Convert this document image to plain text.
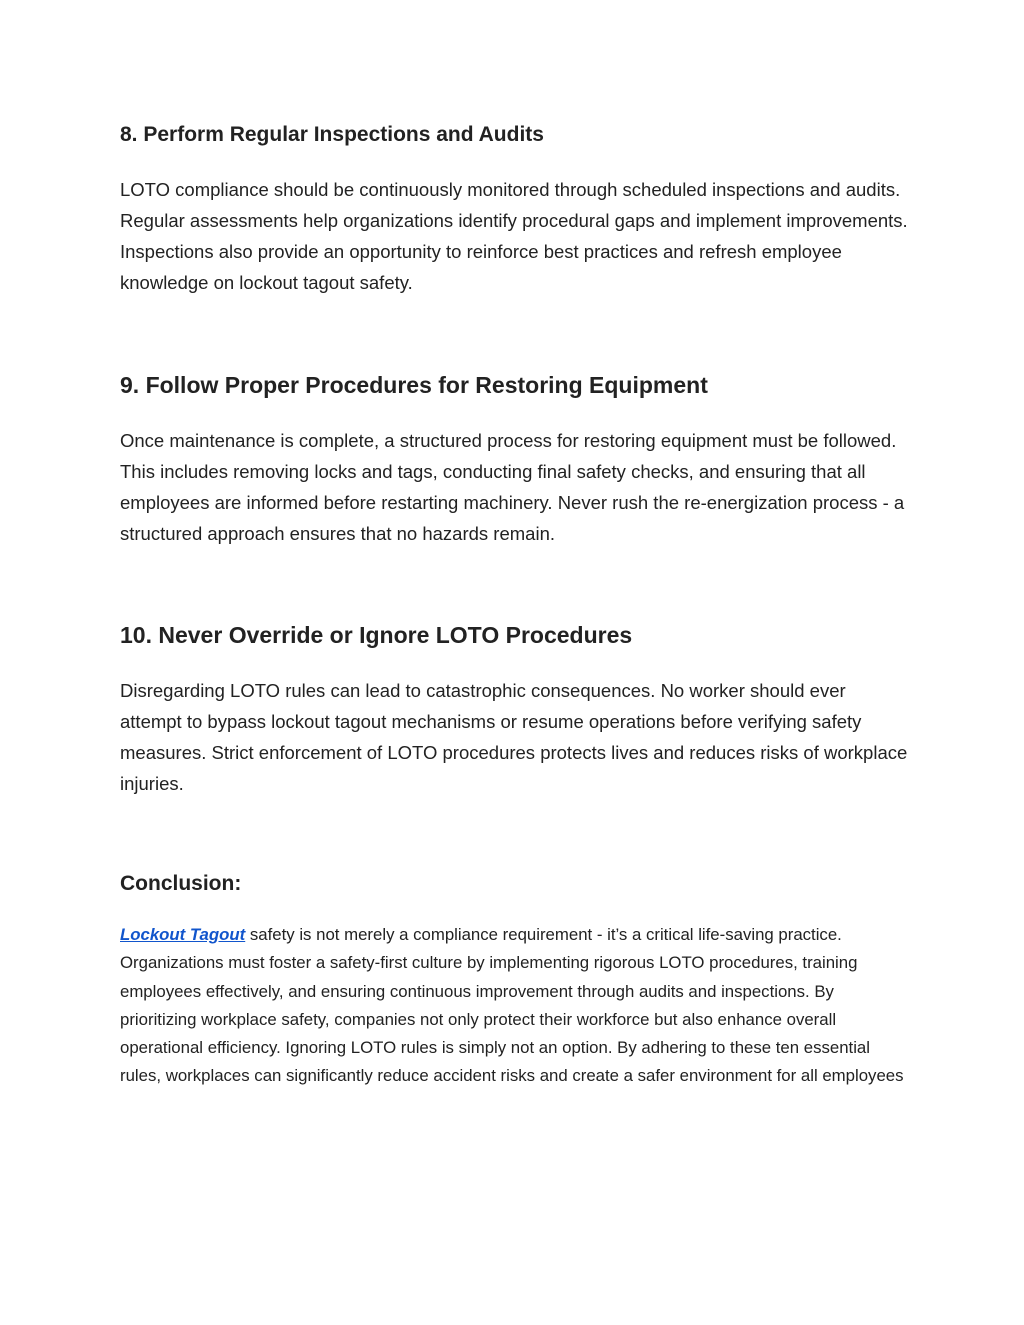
8. Perform Regular Inspections and Audits

LOTO compliance should be continuously monitored through scheduled inspections and audits. Regular assessments help organizations identify procedural gaps and implement improvements. Inspections also provide an opportunity to reinforce best practices and refresh employee knowledge on lockout tagout safety.

9. Follow Proper Procedures for Restoring Equipment

Once maintenance is complete, a structured process for restoring equipment must be followed. This includes removing locks and tags, conducting final safety checks, and ensuring that all employees are informed before restarting machinery. Never rush the re-energization process - a structured approach ensures that no hazards remain.

10. Never Override or Ignore LOTO Procedures

Disregarding LOTO rules can lead to catastrophic consequences. No worker should ever attempt to bypass lockout tagout mechanisms or resume operations before verifying safety measures. Strict enforcement of LOTO procedures protects lives and reduces risks of workplace injuries.

Conclusion:

Lockout Tagout safety is not merely a compliance requirement - it’s a critical life-saving practice. Organizations must foster a safety-first culture by implementing rigorous LOTO procedures, training employees effectively, and ensuring continuous improvement through audits and inspections. By prioritizing workplace safety, companies not only protect their workforce but also enhance overall operational efficiency. Ignoring LOTO rules is simply not an option. By adhering to these ten essential rules, workplaces can significantly reduce accident risks and create a safer environment for all employees
